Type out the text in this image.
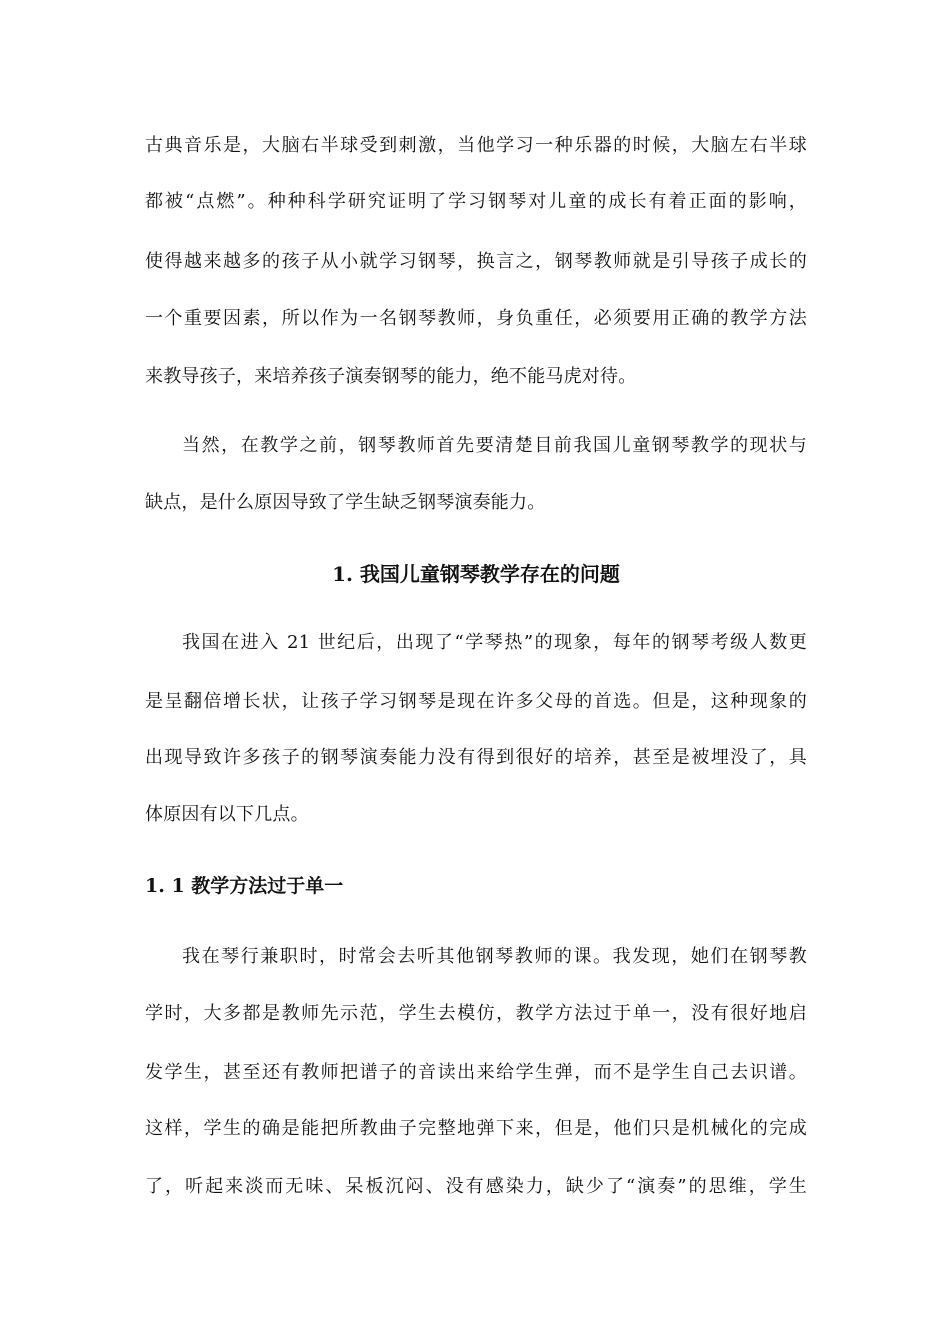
古典音乐是，大脑右半球受到刺激，当他学习一种乐器的时候，大脑左右半球
都被“点燃”。种种科学研究证明了学习钢琴对儿童的成长有着正面的影响，
使得越来越多的孩子从小就学习钢琴，换言之，钢琴教师就是引导孩子成长的
一个重要因素，所以作为一名钢琴教师，身负重任，必须要用正确的教学方法
来教导孩子，来培养孩子演奏钢琴的能力，绝不能马虎对待。
当然，在教学之前，钢琴教师首先要清楚目前我国儿童钢琴教学的现状与
缺点，是什么原因导致了学生缺乏钢琴演奏能力。
1. 我国儿童钢琴教学存在的问题
我国在进入 21 世纪后，出现了“学琴热”的现象，每年的钢琴考级人数更
是呈翻倍增长状，让孩子学习钢琴是现在许多父母的首选。但是，这种现象的
出现导致许多孩子的钢琴演奏能力没有得到很好的培养，甚至是被埋没了，具
体原因有以下几点。
1. 1 教学方法过于单一
我在琴行兼职时，时常会去听其他钢琴教师的课。我发现，她们在钢琴教
学时，大多都是教师先示范，学生去模仿，教学方法过于单一，没有很好地启
发学生，甚至还有教师把谱子的音读出来给学生弹，而不是学生自己去识谱。
这样，学生的确是能把所教曲子完整地弹下来，但是，他们只是机械化的完成
了，听起来淡而无味、呆板沉闷、没有感染力，缺少了“演奏”的思维，学生
